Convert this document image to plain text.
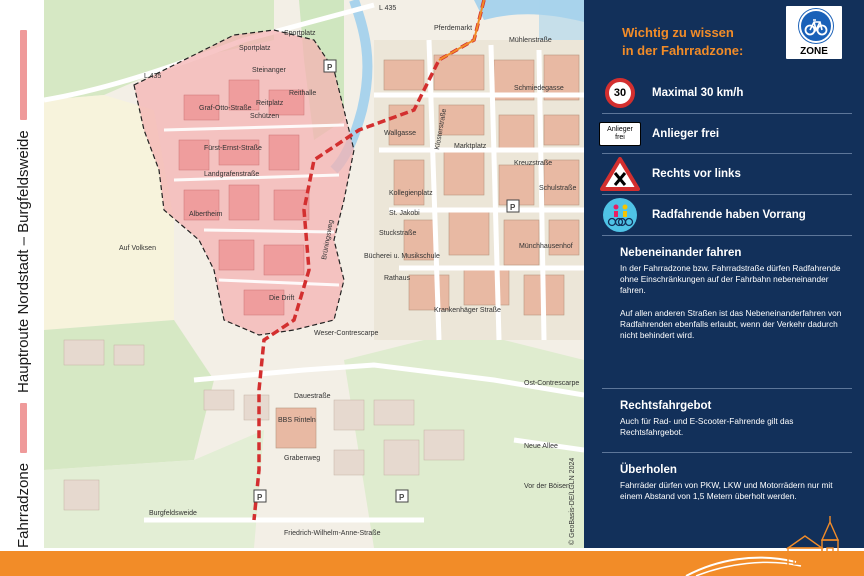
Fahrradzone
Hauptroute Nordstadt – Burgfeldsweide
P
P
P	P
L 435
L 435
Sportplatz
Sportplatz
Steinanger
Reithalle
Reitplatz
Schützen
Auf Volksen
Albertheim
Landgrafenstraße
Fürst-Ernst-Straße
Graf-Otto-Straße
Dauestraße
Stuckstraße
Die Drift
Weser-Contrescarpe
Wallgasse
Mühlenstraße
Schmiedegasse
Marktplatz
Kollegienplatz
Rathaus
Bücherei u. Musikschule
St. Jakobi
Krankenhäger Straße
Ost-Contrescarpe
Neue Allee
Grabenweg
BBS Rinteln
Burgfeldsweide
Friedrich-Wilhelm-Anne-Straße
Pferdemarkt
Kreuzstraße
Schulstraße
Münchhausenhof
Vor der Böisen
Brüningsweg
Klosterstraße
© GeoBasis-DE/LGLN 2024
Wichtig zu wissen
in der Fahrradzone:	ZONE
30	Maximal 30 km/h
Anlieger
frei Anlieger frei
Rechts vor links
Radfahrende haben Vorrang
Nebeneinander fahren

In der Fahrradzone bzw. Fahrradstraße dürfen Radfahrende ohne Einschränkungen auf der Fahrbahn nebeneinander fahren.

Auf allen anderen Straßen ist das Nebeneinanderfahren von Radfahrenden ebenfalls erlaubt, wenn der Verkehr dadurch nicht behindert wird.

Rechtsfahrgebot

Auch für Rad- und E-Scooter-Fahrende gilt das Rechtsfahrgebot.

Überholen

Fahrräder dürfen von PKW, LKW und Motorrädern nur mit einem Abstand von 1,5 Metern überholt werden.
